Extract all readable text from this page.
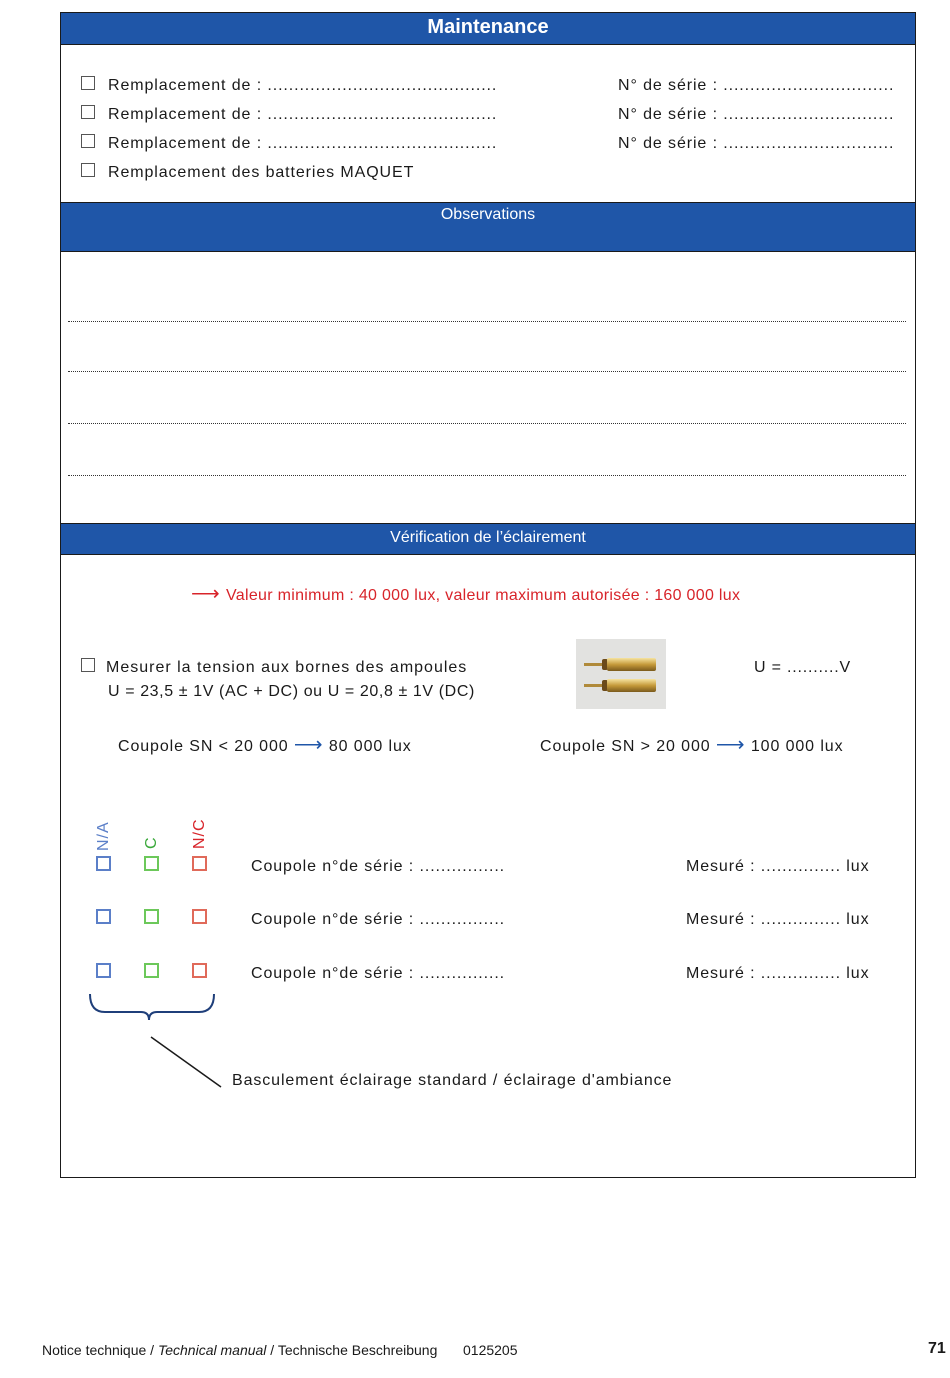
Maintenance
Remplacement de : ...........................................	N° de série : ................................
Remplacement de : ...........................................	N° de série : ................................
Remplacement de : ...........................................	N° de série : ................................
Remplacement des batteries MAQUET
Observations
Vérification de l’éclairement
⟶ Valeur minimum : 40 000 lux, valeur maximum autorisée : 160 000 lux
Mesurer la tension aux bornes des ampoules
U = 23,5 ± 1V (AC + DC) ou U = 20,8 ± 1V (DC)
U = ..........V
Coupole SN < 20 000 ⟶ 80 000 lux	Coupole SN > 20 000 ⟶ 100 000 lux
N/A C N/C
Coupole n°de série : ................	Mesuré : ............... lux
Coupole n°de série : ................	Mesuré : ............... lux
Coupole n°de série : ................	Mesuré : ............... lux
Basculement éclairage standard / éclairage d'ambiance
Notice technique / Technical manual / Technische Beschreibung 0125205	71
